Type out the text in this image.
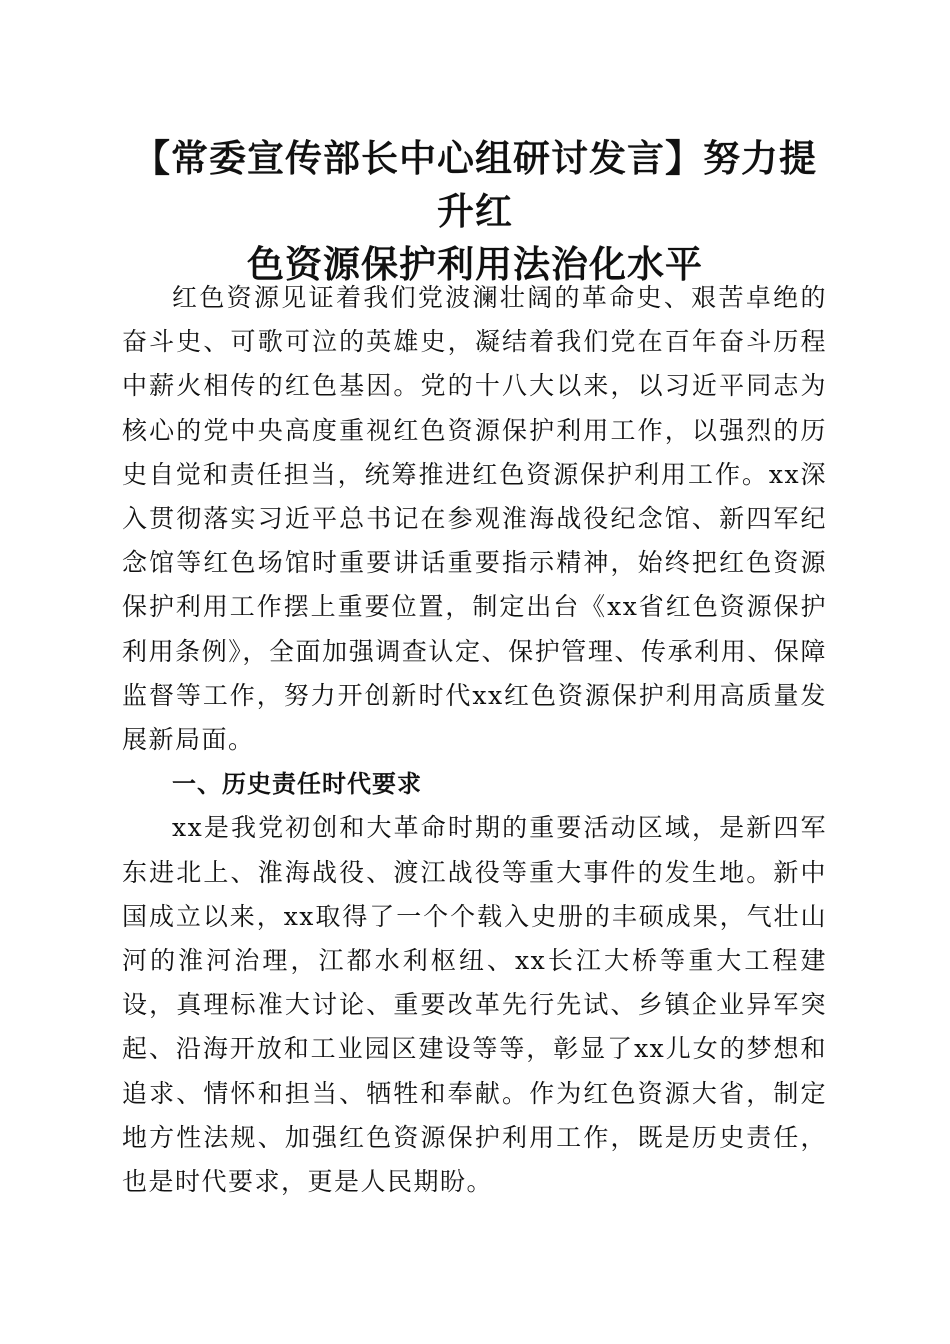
【常委宣传部长中心组研讨发言】努力提升红
色资源保护利用法治化水平

红色资源见证着我们党波澜壮阔的革命史、艰苦卓绝的奋斗史、可歌可泣的英雄史，凝结着我们党在百年奋斗历程中薪火相传的红色基因。党的十八大以来，以习近平同志为核心的党中央高度重视红色资源保护利用工作，以强烈的历史自觉和责任担当，统筹推进红色资源保护利用工作。xx深入贯彻落实习近平总书记在参观淮海战役纪念馆、新四军纪念馆等红色场馆时重要讲话重要指示精神，始终把红色资源保护利用工作摆上重要位置，制定出台《xx省红色资源保护利用条例》，全面加强调查认定、保护管理、传承利用、保障监督等工作，努力开创新时代xx红色资源保护利用高质量发展新局面。

一、历史责任时代要求

xx是我党初创和大革命时期的重要活动区域，是新四军东进北上、淮海战役、渡江战役等重大事件的发生地。新中国成立以来，xx取得了一个个载入史册的丰硕成果，气壮山河的淮河治理，江都水利枢纽、xx长江大桥等重大工程建设，真理标准大讨论、重要改革先行先试、乡镇企业异军突起、沿海开放和工业园区建设等等，彰显了xx儿女的梦想和追求、情怀和担当、牺牲和奉献。作为红色资源大省，制定地方性法规、加强红色资源保护利用工作，既是历史责任，也是时代要求，更是人民期盼。
